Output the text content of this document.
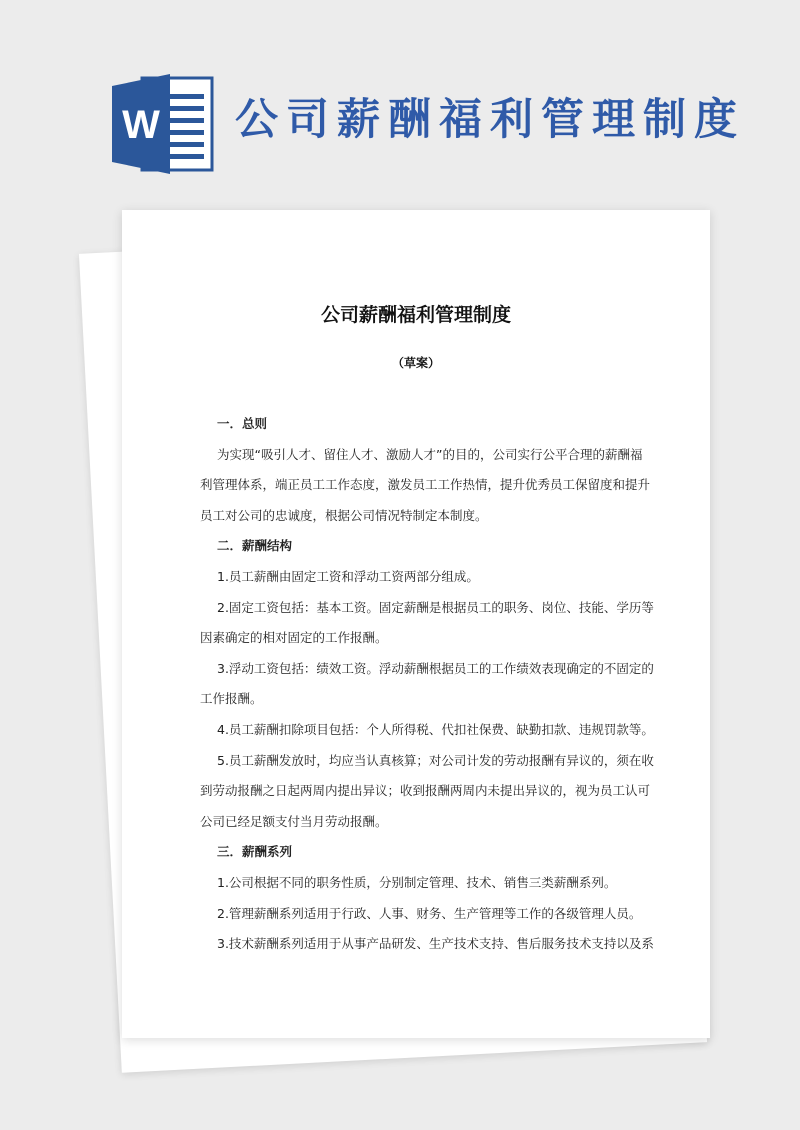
W 公司薪酬福利管理制度
公司薪酬福利管理制度
（草案）
一．总则
为实现“吸引人才、留住人才、激励人才”的目的，公司实行公平合理的薪酬福
利管理体系，端正员工工作态度，激发员工工作热情，提升优秀员工保留度和提升
员工对公司的忠诚度，根据公司情况特制定本制度。
二．薪酬结构
1.员工薪酬由固定工资和浮动工资两部分组成。
2.固定工资包括：基本工资。固定薪酬是根据员工的职务、岗位、技能、学历等
因素确定的相对固定的工作报酬。
3.浮动工资包括：绩效工资。浮动薪酬根据员工的工作绩效表现确定的不固定的
工作报酬。
4.员工薪酬扣除项目包括：个人所得税、代扣社保费、缺勤扣款、违规罚款等。
5.员工薪酬发放时，均应当认真核算；对公司计发的劳动报酬有异议的，须在收
到劳动报酬之日起两周内提出异议；收到报酬两周内未提出异议的，视为员工认可
公司已经足额支付当月劳动报酬。
三．薪酬系列
1.公司根据不同的职务性质，分别制定管理、技术、销售三类薪酬系列。
2.管理薪酬系列适用于行政、人事、财务、生产管理等工作的各级管理人员。
3.技术薪酬系列适用于从事产品研发、生产技术支持、售后服务技术支持以及系
